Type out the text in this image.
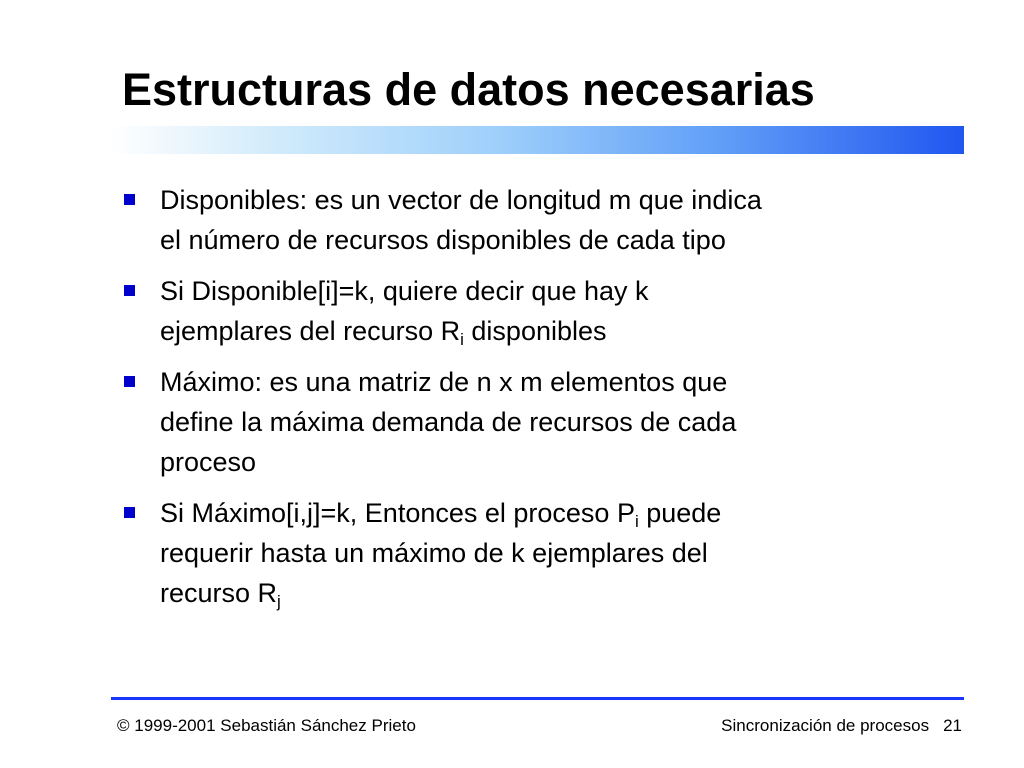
Estructuras de datos necesarias
Disponibles: es un vector de longitud m que indica
el número de recursos disponibles de cada tipo
Si Disponible[i]=k, quiere decir que hay k
ejemplares del recurso $R_i$ disponibles
Máximo: es una matriz de n x m elementos que
define la máxima demanda de recursos de cada
proceso
Si Máximo[i,j]=k, Entonces el proceso $P_i$ puede
requerir hasta un máximo de k ejemplares del
recurso $R_j$
© 1999-2001 Sebastián Sánchez Prieto	Sincronización de procesos 21
